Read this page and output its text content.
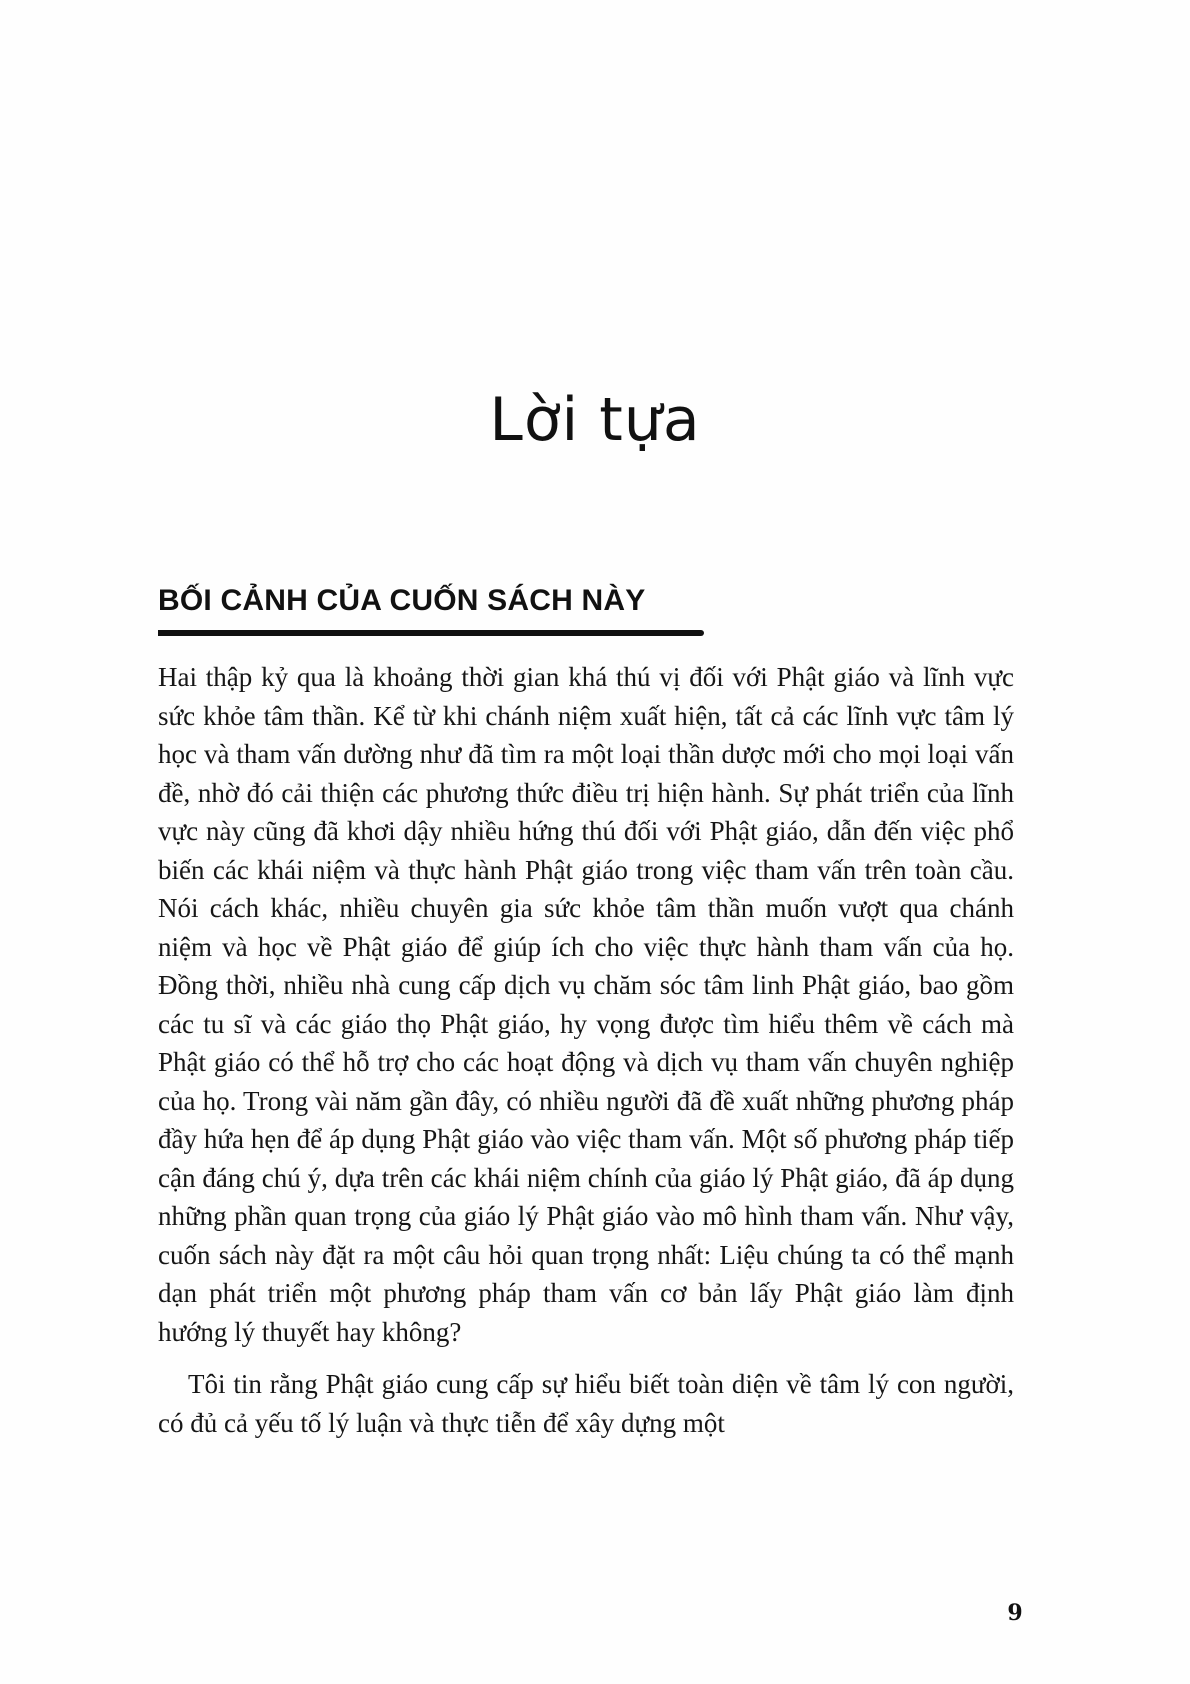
Lời tựa
BỐI CẢNH CỦA CUỐN SÁCH NÀY

Hai thập kỷ qua là khoảng thời gian khá thú vị đối với Phật giáo và lĩnh vực sức khỏe tâm thần. Kể từ khi chánh niệm xuất hiện, tất cả các lĩnh vực tâm lý học và tham vấn dường như đã tìm ra một loại thần dược mới cho mọi loại vấn đề, nhờ đó cải thiện các phương thức điều trị hiện hành. Sự phát triển của lĩnh vực này cũng đã khơi dậy nhiều hứng thú đối với Phật giáo, dẫn đến việc phổ biến các khái niệm và thực hành Phật giáo trong việc tham vấn trên toàn cầu. Nói cách khác, nhiều chuyên gia sức khỏe tâm thần muốn vượt qua chánh niệm và học về Phật giáo để giúp ích cho việc thực hành tham vấn của họ. Đồng thời, nhiều nhà cung cấp dịch vụ chăm sóc tâm linh Phật giáo, bao gồm các tu sĩ và các giáo thọ Phật giáo, hy vọng được tìm hiểu thêm về cách mà Phật giáo có thể hỗ trợ cho các hoạt động và dịch vụ tham vấn chuyên nghiệp của họ. Trong vài năm gần đây, có nhiều người đã đề xuất những phương pháp đầy hứa hẹn để áp dụng Phật giáo vào việc tham vấn. Một số phương pháp tiếp cận đáng chú ý, dựa trên các khái niệm chính của giáo lý Phật giáo, đã áp dụng những phần quan trọng của giáo lý Phật giáo vào mô hình tham vấn. Như vậy, cuốn sách này đặt ra một câu hỏi quan trọng nhất: Liệu chúng ta có thể mạnh dạn phát triển một phương pháp tham vấn cơ bản lấy Phật giáo làm định hướng lý thuyết hay không?

Tôi tin rằng Phật giáo cung cấp sự hiểu biết toàn diện về tâm lý con người, có đủ cả yếu tố lý luận và thực tiễn để xây dựng một

9
